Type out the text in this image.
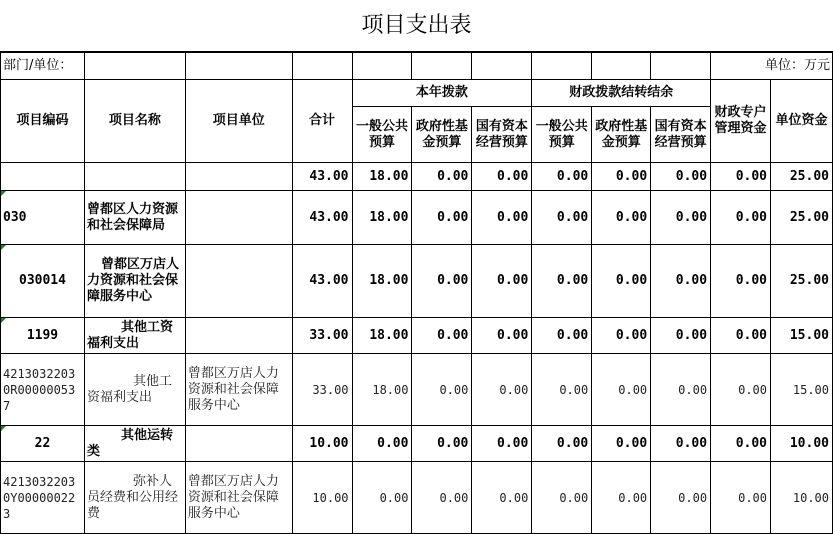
项目支出表
部门/单位：										单位：万元	
项目编码	项目名称	项目单位	合计	本年拨款			财政拨款结转结余			财政专户管理资金	单位资金
				一般公共预算	政府性基金预算	国有资本经营预算	一般公共预算	政府性基金预算	国有资本经营预算		
			43.00	18.00	0.00	0.00	0.00	0.00	0.00	0.00	25.00
030	曾都区人力资源和社会保障局		43.00	18.00	0.00	0.00	0.00	0.00	0.00	0.00	25.00
030014	曾都区万店人力资源和社会保障服务中心		43.00	18.00	0.00	0.00	0.00	0.00	0.00	0.00	25.00
1199	其他工资福利支出		33.00	18.00	0.00	0.00	0.00	0.00	0.00	0.00	15.00
42130322030R000000537	其他工资福利支出	曾都区万店人力资源和社会保障服务中心	33.00	18.00	0.00	0.00	0.00	0.00	0.00	0.00	15.00
22	其他运转类		10.00	0.00	0.00	0.00	0.00	0.00	0.00	0.00	10.00
42130322030Y000000223	弥补人员经费和公用经费	曾都区万店人力资源和社会保障服务中心	10.00	0.00	0.00	0.00	0.00	0.00	0.00	0.00	10.00
